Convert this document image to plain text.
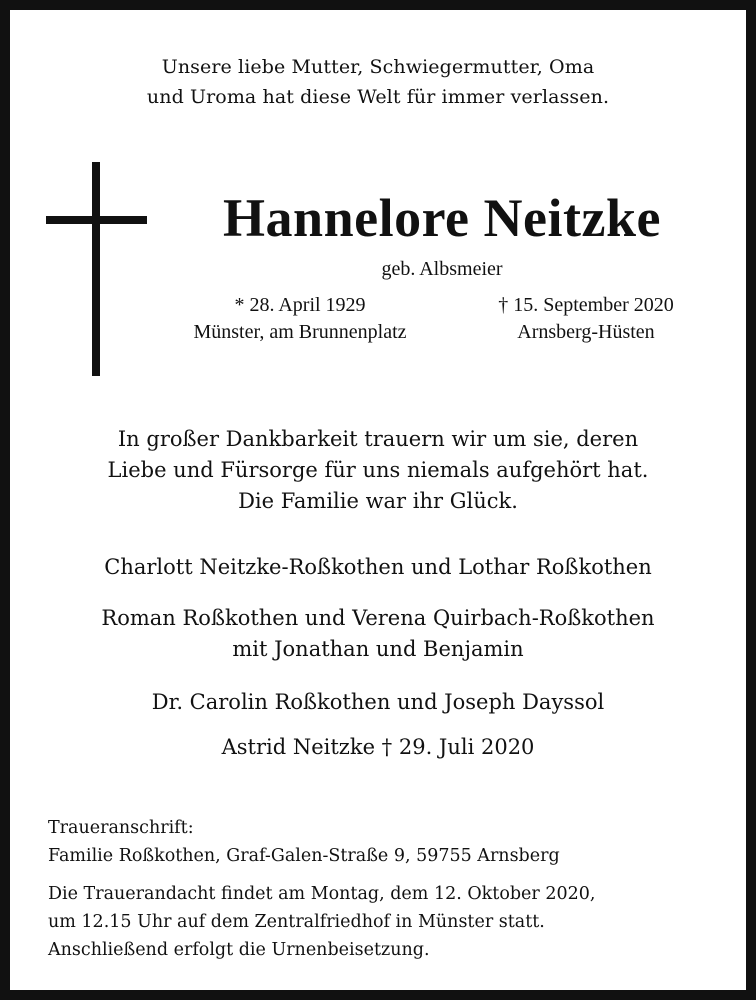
Unsere liebe Mutter, Schwiegermutter, Oma
und Uroma hat diese Welt für immer verlassen.
Hannelore Neitzke
geb. Albsmeier
* 28. April 1929
Münster, am Brunnenplatz
† 15. September 2020
Arnsberg-Hüsten
In großer Dankbarkeit trauern wir um sie, deren
Liebe und Fürsorge für uns niemals aufgehört hat.
Die Familie war ihr Glück.
Charlott Neitzke-Roßkothen und Lothar Roßkothen
Roman Roßkothen und Verena Quirbach-Roßkothen
mit Jonathan und Benjamin
Dr. Carolin Roßkothen und Joseph Dayssol
Astrid Neitzke † 29. Juli 2020
Traueranschrift:
Familie Roßkothen, Graf-Galen-Straße 9, 59755 Arnsberg
Die Trauerandacht findet am Montag, dem 12. Oktober 2020,
um 12.15 Uhr auf dem Zentralfriedhof in Münster statt.
Anschließend erfolgt die Urnenbeisetzung.
